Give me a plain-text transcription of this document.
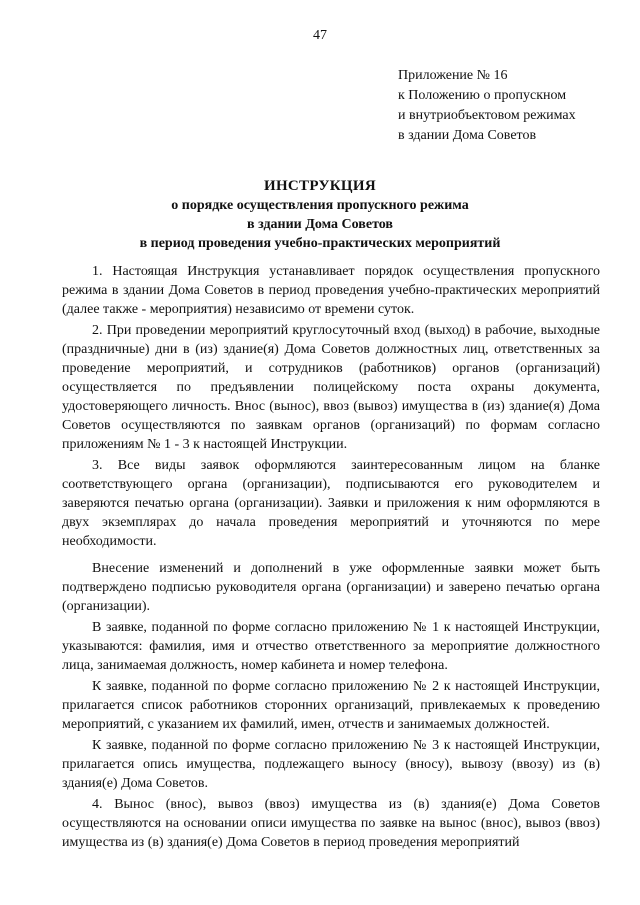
47
Приложение № 16
к Положению о пропускном
и внутриобъектовом режимах
в здании Дома Советов
ИНСТРУКЦИЯ
о порядке осуществления пропускного режима
в здании Дома Советов
в период проведения учебно-практических мероприятий

1. Настоящая Инструкция устанавливает порядок осуществления пропускного режима в здании Дома Советов в период проведения учебно-практических мероприятий (далее также - мероприятия) независимо от времени суток.

2. При проведении мероприятий круглосуточный вход (выход) в рабочие, выходные (праздничные) дни в (из) здание(я) Дома Советов должностных лиц, ответственных за проведение мероприятий, и сотрудников (работников) органов (организаций) осуществляется по предъявлении полицейскому поста охраны документа, удостоверяющего личность. Внос (вынос), ввоз (вывоз) имущества в (из) здание(я) Дома Советов осуществляются по заявкам органов (организаций) по формам согласно приложениям № 1 - 3 к настоящей Инструкции.

3. Все виды заявок оформляются заинтересованным лицом на бланке соответствующего органа (организации), подписываются его руководителем и заверяются печатью органа (организации). Заявки и приложения к ним оформляются в двух экземплярах до начала проведения мероприятий и уточняются по мере необходимости.

Внесение изменений и дополнений в уже оформленные заявки может быть подтверждено подписью руководителя органа (организации) и заверено печатью органа (организации).

В заявке, поданной по форме согласно приложению № 1 к настоящей Инструкции, указываются: фамилия, имя и отчество ответственного за мероприятие должностного лица, занимаемая должность, номер кабинета и номер телефона.

К заявке, поданной по форме согласно приложению № 2 к настоящей Инструкции, прилагается список работников сторонних организаций, привлекаемых к проведению мероприятий, с указанием их фамилий, имен, отчеств и занимаемых должностей.

К заявке, поданной по форме согласно приложению № 3 к настоящей Инструкции, прилагается опись имущества, подлежащего выносу (вносу), вывозу (ввозу) из (в) здания(е) Дома Советов.

4. Вынос (внос), вывоз (ввоз) имущества из (в) здания(е) Дома Советов осуществляются на основании описи имущества по заявке на вынос (внос), вывоз (ввоз) имущества из (в) здания(е) Дома Советов в период проведения мероприятий
